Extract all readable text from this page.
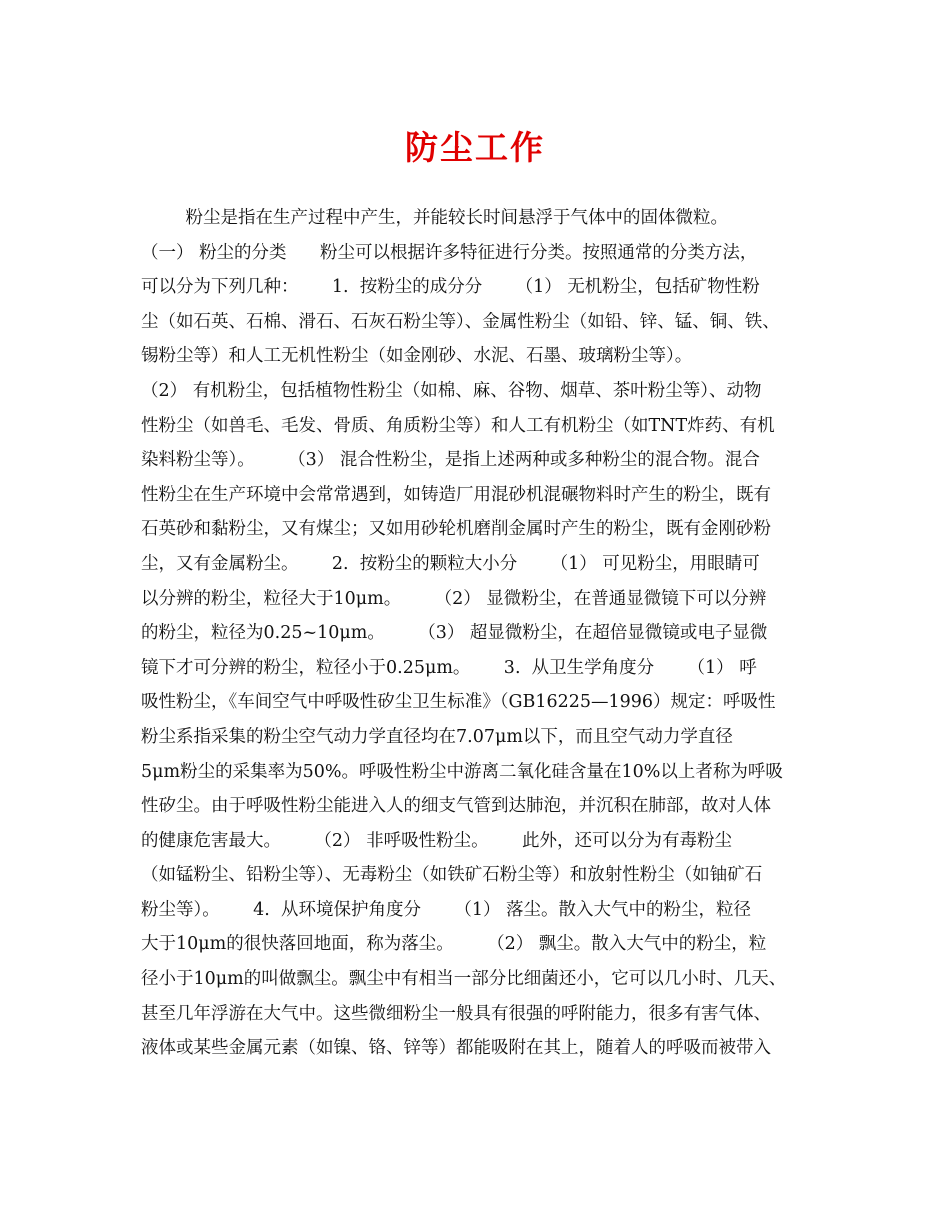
防尘工作
粉尘是指在生产过程中产生，并能较长时间悬浮于气体中的固体微粒。
（一） 粉尘的分类      粉尘可以根据许多特征进行分类。按照通常的分类方法，
可以分为下列几种：      1.  按粉尘的成分分      （1） 无机粉尘，包括矿物性粉
尘（如石英、石棉、滑石、石灰石粉尘等）、金属性粉尘（如铅、锌、锰、铜、铁、
锡粉尘等）和人工无机性粉尘（如金刚砂、水泥、石墨、玻璃粉尘等）。
（2） 有机粉尘，包括植物性粉尘（如棉、麻、谷物、烟草、茶叶粉尘等）、动物
性粉尘（如兽毛、毛发、骨质、角质粉尘等）和人工有机粉尘（如TNT炸药、有机
染料粉尘等）。      （3） 混合性粉尘，是指上述两种或多种粉尘的混合物。混合
性粉尘在生产环境中会常常遇到，如铸造厂用混砂机混碾物料时产生的粉尘，既有
石英砂和黏粉尘，又有煤尘；又如用砂轮机磨削金属时产生的粉尘，既有金刚砂粉
尘，又有金属粉尘。      2.  按粉尘的颗粒大小分      （1） 可见粉尘，用眼睛可
以分辨的粉尘，粒径大于10μm。      （2） 显微粉尘，在普通显微镜下可以分辨
的粉尘，粒径为0.25~10μm。      （3） 超显微粉尘，在超倍显微镜或电子显微
镜下才可分辨的粉尘，粒径小于0.25μm。      3.  从卫生学角度分      （1） 呼
吸性粉尘，《车间空气中呼吸性矽尘卫生标准》（GB16225—1996）规定：呼吸性
粉尘系指采集的粉尘空气动力学直径均在7.07μm以下，而且空气动力学直径
5μm粉尘的采集率为50%。呼吸性粉尘中游离二氧化硅含量在10%以上者称为呼吸
性矽尘。由于呼吸性粉尘能进入人的细支气管到达肺泡，并沉积在肺部，故对人体
的健康危害最大。      （2） 非呼吸性粉尘。      此外，还可以分为有毒粉尘
（如锰粉尘、铅粉尘等）、无毒粉尘（如铁矿石粉尘等）和放射性粉尘（如铀矿石
粉尘等）。      4.  从环境保护角度分      （1） 落尘。散入大气中的粉尘，粒径
大于10μm的很快落回地面，称为落尘。      （2） 飘尘。散入大气中的粉尘，粒
径小于10μm的叫做飘尘。飘尘中有相当一部分比细菌还小，它可以几小时、几天、
甚至几年浮游在大气中。这些微细粉尘一般具有很强的呼附能力，很多有害气体、
液体或某些金属元素（如镍、铬、锌等）都能吸附在其上，随着人的呼吸而被带入
